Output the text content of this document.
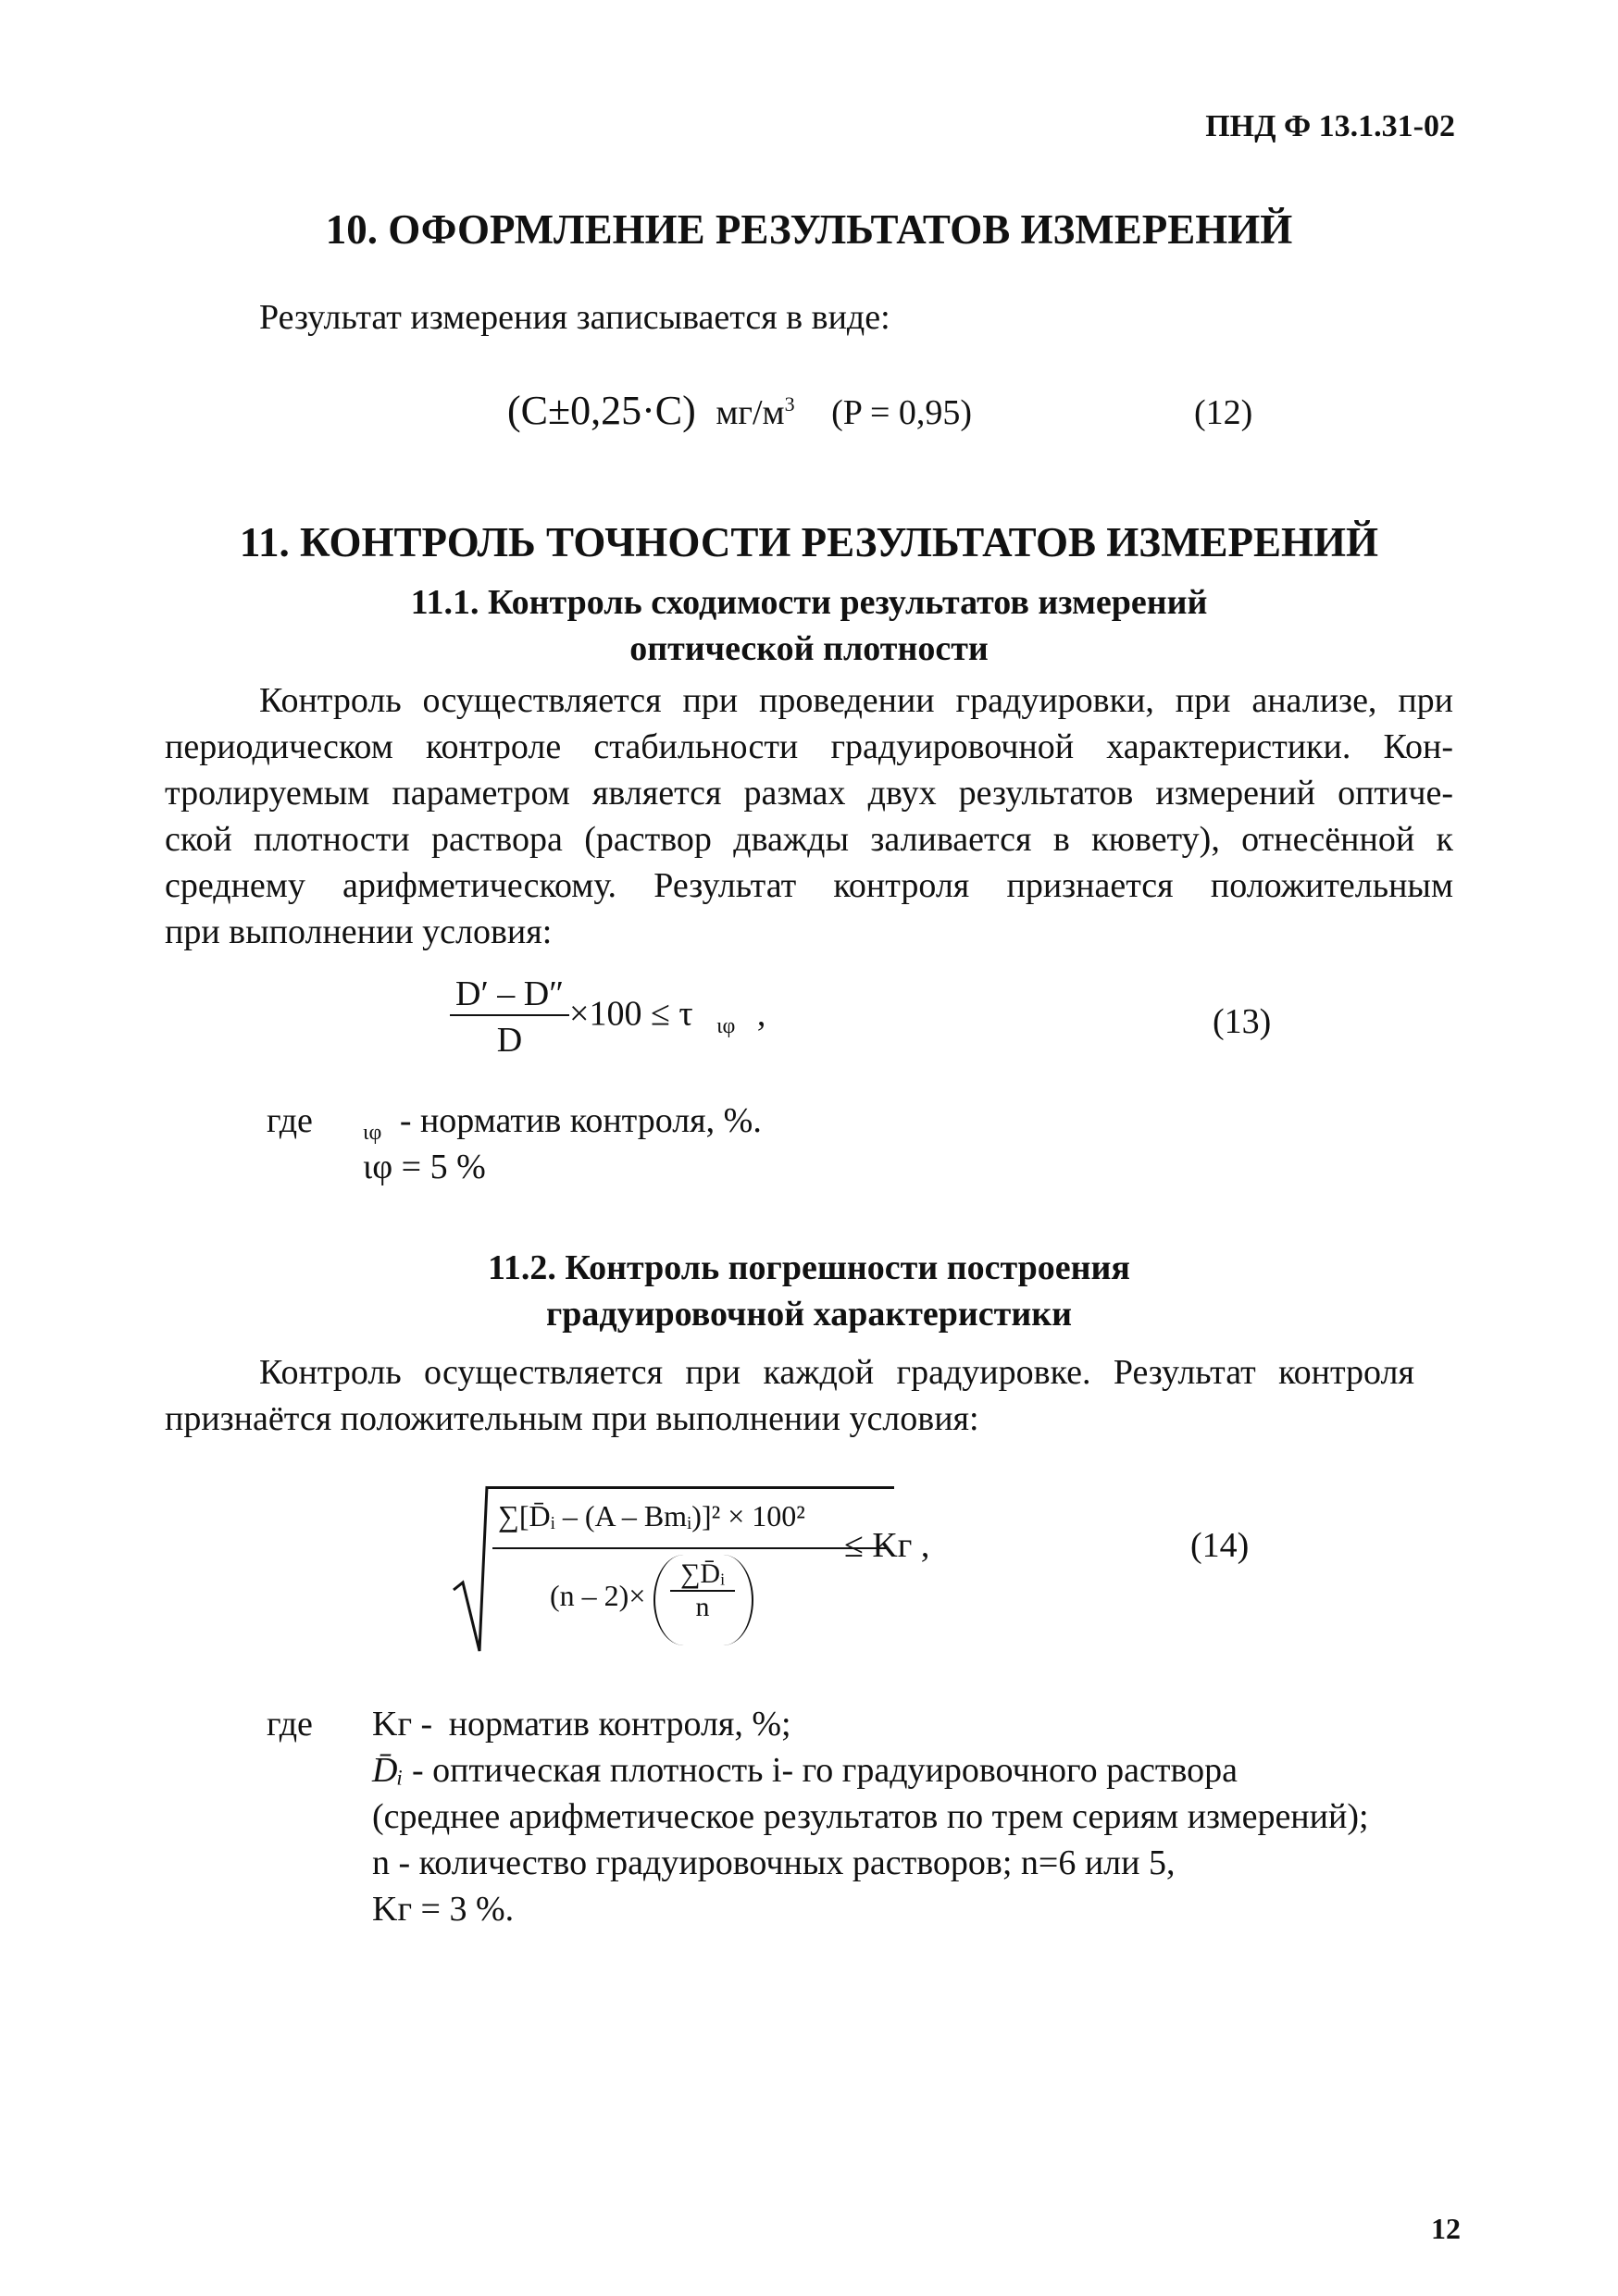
ПНД Ф 13.1.31-02
10. ОФОРМЛЕНИЕ РЕЗУЛЬТАТОВ ИЗМЕРЕНИЙ
Результат измерения записывается в виде:
(C±0,25·C) $мг/м^3$ (P = 0,95)	(12)
11. КОНТРОЛЬ ТОЧНОСТИ РЕЗУЛЬТАТОВ ИЗМЕРЕНИЙ
11.1. Контроль сходимости результатов измерений
оптической плотности
Контроль осуществляется при проведении градуировки, при анализе, при
периодическом контроле стабильности градуировочной характеристики. Кон-
тролируемым параметром является размах двух результатов измерений оптиче-
ской плотности раствора (раствор дважды заливается в кювету), отнесённой к
среднему арифметическому. Результат контроля признается положительным
при выполнении условия:
$\frac{D' - D''}{D} \times 100 \le \tau$ $_{\iota\varphi}$ ,	(13)
где $_{\iota\varphi}$ - норматив контроля, %.
ιφ = 5 %
11.2. Контроль погрешности построения
градуировочной характеристики
Контроль осуществляется при каждой градуировке. Результат контроля
признаётся положительным при выполнении условия:
∑[D̄ᵢ – (A – Bmᵢ)]² × 100²
$(n - 2)\times \frac{\text{∑D̄ᵢ}}{n}$
≤ Kг ,	(14)
где Kг - норматив контроля, %;
D̄ᵢ - оптическая плотность i- го градуировочного раствора
(среднее арифметическое результатов по трем сериям измерений);
n - количество градуировочных растворов; n=6 или 5,
Kг = 3 %.
12
